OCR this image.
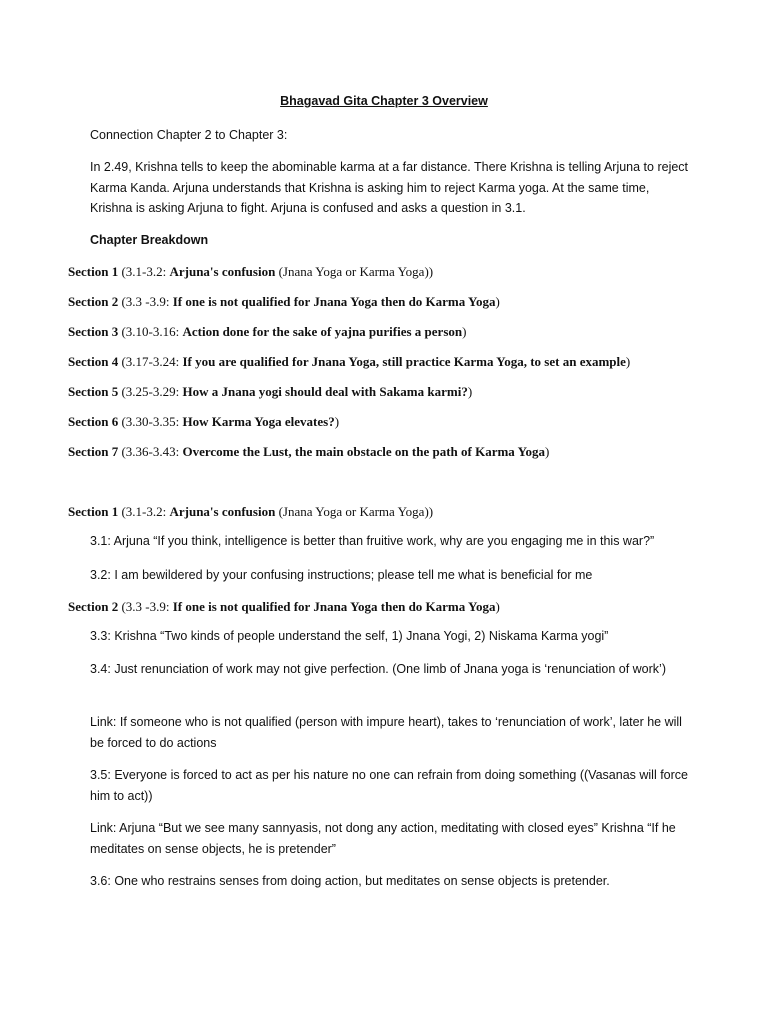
Bhagavad Gita Chapter 3 Overview

Connection Chapter 2 to Chapter 3:

In 2.49, Krishna tells to keep the abominable karma at a far distance. There Krishna is telling Arjuna to reject Karma Kanda. Arjuna understands that Krishna is asking him to reject Karma yoga. At the same time, Krishna is asking Arjuna to fight. Arjuna is confused and asks a question in 3.1.

Chapter Breakdown

Section 1 (3.1-3.2: Arjuna's confusion (Jnana Yoga or Karma Yoga))

Section 2 (3.3 -3.9: If one is not qualified for Jnana Yoga then do Karma Yoga)

Section 3 (3.10-3.16: Action done for the sake of yajna purifies a person)

Section 4 (3.17-3.24: If you are qualified for Jnana Yoga, still practice Karma Yoga, to set an example)

Section 5 (3.25-3.29: How a Jnana yogi should deal with Sakama karmi?)

Section 6 (3.30-3.35: How Karma Yoga elevates?)

Section 7 (3.36-3.43: Overcome the Lust, the main obstacle on the path of Karma Yoga)

Section 1 (3.1-3.2: Arjuna's confusion (Jnana Yoga or Karma Yoga))

3.1: Arjuna “If you think, intelligence is better than fruitive work, why are you engaging me in this war?”

3.2: I am bewildered by your confusing instructions; please tell me what is beneficial for me

Section 2 (3.3 -3.9: If one is not qualified for Jnana Yoga then do Karma Yoga)

3.3: Krishna “Two kinds of people understand the self, 1) Jnana Yogi, 2) Niskama Karma yogi”

3.4: Just renunciation of work may not give perfection. (One limb of Jnana yoga is ‘renunciation of work’)

Link: If someone who is not qualified (person with impure heart), takes to ‘renunciation of work’, later he will be forced to do actions

3.5: Everyone is forced to act as per his nature no one can refrain from doing something ((Vasanas will force him to act))

Link: Arjuna “But we see many sannyasis, not dong any action, meditating with closed eyes” Krishna “If he meditates on sense objects, he is pretender”

3.6: One who restrains senses from doing action, but meditates on sense objects is pretender.
